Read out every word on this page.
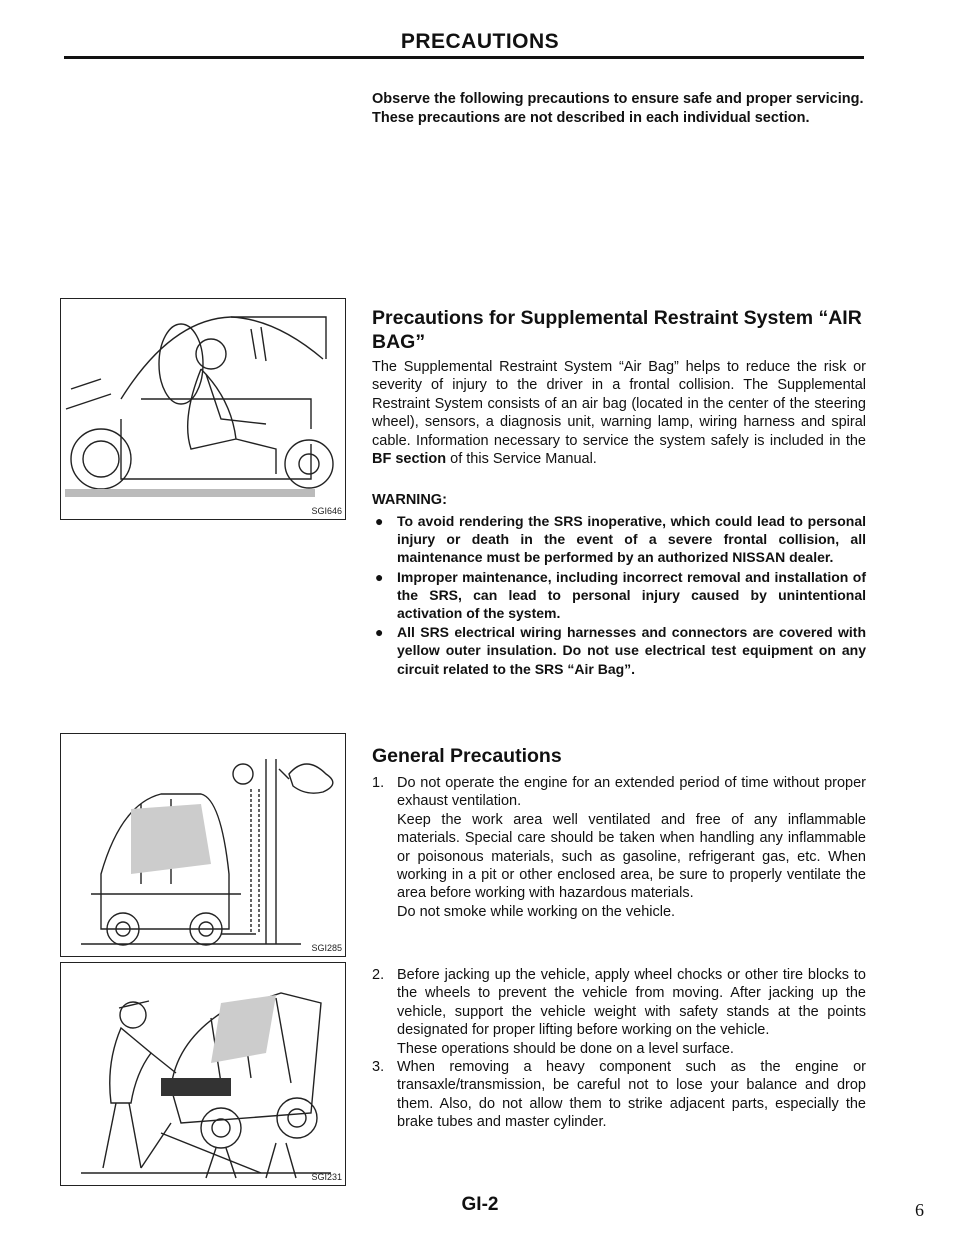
PRECAUTIONS

Observe the following precautions to ensure safe and proper servicing. These precautions are not described in each individual section.

SGI646
SGI285
SGI231
Precautions for Supplemental Restraint System “AIR BAG”

The Supplemental Restraint System “Air Bag” helps to reduce the risk or severity of injury to the driver in a frontal collision. The Supplemental Restraint System consists of an air bag (located in the center of the steering wheel), sensors, a diagnosis unit, warning lamp, wiring harness and spiral cable. Information necessary to service the system safely is included in the BF section of this Service Manual.

WARNING:

● To avoid rendering the SRS inoperative, which could lead to personal injury or death in the event of a severe frontal collision, all maintenance must be performed by an authorized NISSAN dealer.
● Improper maintenance, including incorrect removal and installation of the SRS, can lead to personal injury caused by unintentional activation of the system.
● All SRS electrical wiring harnesses and connectors are covered with yellow outer insulation. Do not use electrical test equipment on any circuit related to the SRS “Air Bag”.
General Precautions
1. Do not operate the engine for an extended period of time without proper exhaust ventilation.
Keep the work area well ventilated and free of any inflammable materials. Special care should be taken when handling any inflammable or poisonous materials, such as gasoline, refrigerant gas, etc. When working in a pit or other enclosed area, be sure to properly ventilate the area before working with hazardous materials.
Do not smoke while working on the vehicle.
2. Before jacking up the vehicle, apply wheel chocks or other tire blocks to the wheels to prevent the vehicle from moving. After jacking up the vehicle, support the vehicle weight with safety stands at the points designated for proper lifting before working on the vehicle.
These operations should be done on a level surface.
3. When removing a heavy component such as the engine or transaxle/transmission, be careful not to lose your balance and drop them. Also, do not allow them to strike adjacent parts, especially the brake tubes and master cylinder.
GI-2	6
